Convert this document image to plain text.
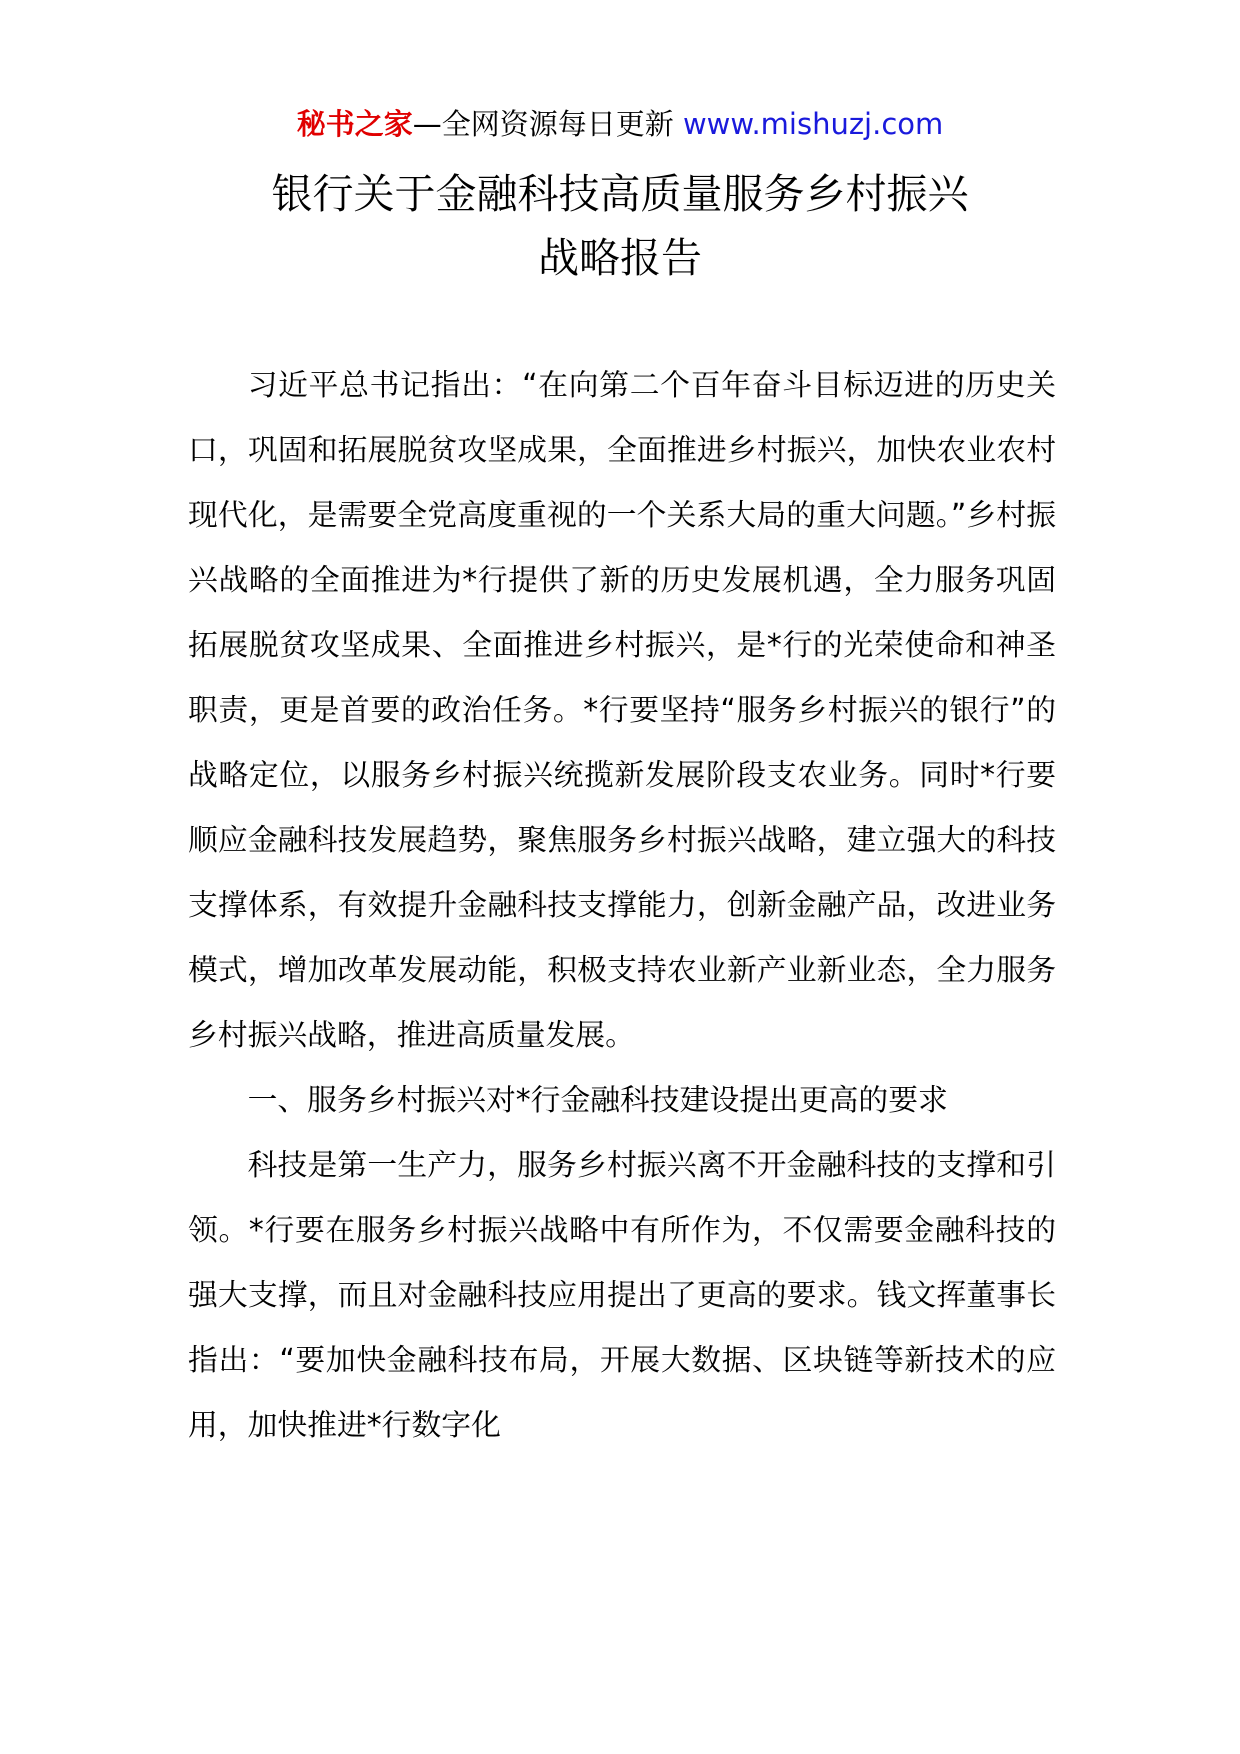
秘书之家—全网资源每日更新 www.mishuzj.com
银行关于金融科技高质量服务乡村振兴
战略报告

习近平总书记指出：“在向第二个百年奋斗目标迈进的历史关口，巩固和拓展脱贫攻坚成果，全面推进乡村振兴，加快农业农村现代化，是需要全党高度重视的一个关系大局的重大问题。”乡村振兴战略的全面推进为*行提供了新的历史发展机遇，全力服务巩固拓展脱贫攻坚成果、全面推进乡村振兴，是*行的光荣使命和神圣职责，更是首要的政治任务。*行要坚持“服务乡村振兴的银行”的战略定位，以服务乡村振兴统揽新发展阶段支农业务。同时*行要顺应金融科技发展趋势，聚焦服务乡村振兴战略，建立强大的科技支撑体系，有效提升金融科技支撑能力，创新金融产品，改进业务模式，增加改革发展动能，积极支持农业新产业新业态，全力服务乡村振兴战略，推进高质量发展。

一、服务乡村振兴对*行金融科技建设提出更高的要求

科技是第一生产力，服务乡村振兴离不开金融科技的支撑和引领。*行要在服务乡村振兴战略中有所作为，不仅需要金融科技的强大支撑，而且对金融科技应用提出了更高的要求。钱文挥董事长指出：“要加快金融科技布局，开展大数据、区块链等新技术的应用，加快推进*行数字化
